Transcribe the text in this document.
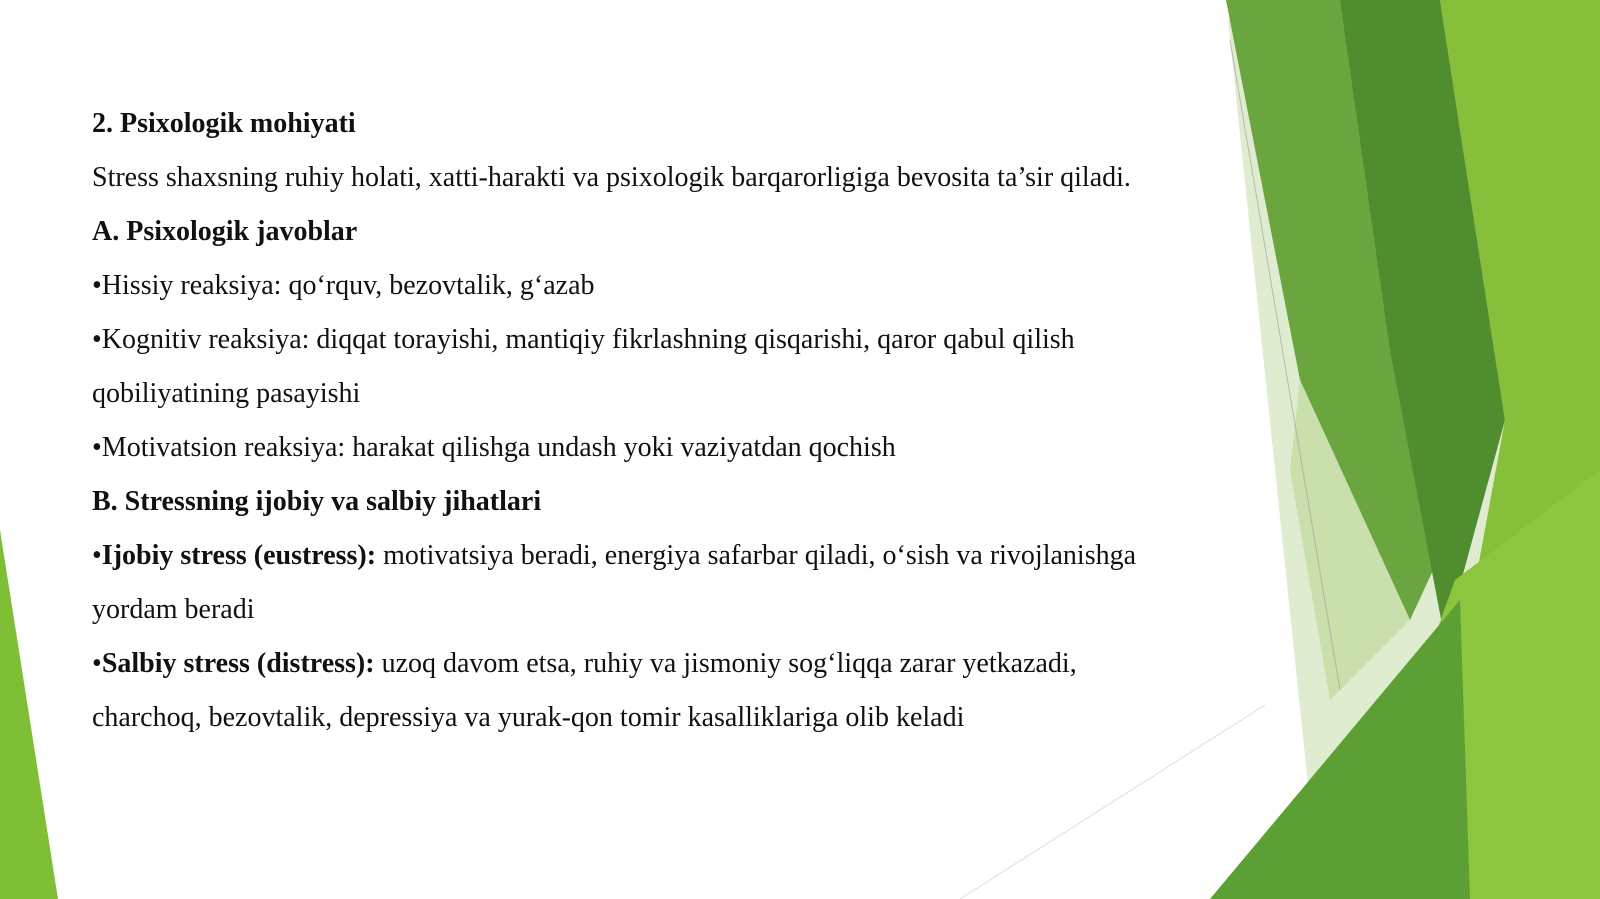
2. Psixologik mohiyati

Stress shaxsning ruhiy holati, xatti-harakti va psixologik barqarorligiga bevosita ta’sir qiladi.

A. Psixologik javoblar

•Hissiy reaksiya: qo‘rquv, bezovtalik, g‘azab

•Kognitiv reaksiya: diqqat torayishi, mantiqiy fikrlashning qisqarishi, qaror qabul qilish qobiliyatining pasayishi

•Motivatsion reaksiya: harakat qilishga undash yoki vaziyatdan qochish

B. Stressning ijobiy va salbiy jihatlari

•Ijobiy stress (eustress): motivatsiya beradi, energiya safarbar qiladi, o‘sish va rivojlanishga yordam beradi

•Salbiy stress (distress): uzoq davom etsa, ruhiy va jismoniy sog‘liqqa zarar yetkazadi, charchoq, bezovtalik, depressiya va yurak-qon tomir kasalliklariga olib keladi
